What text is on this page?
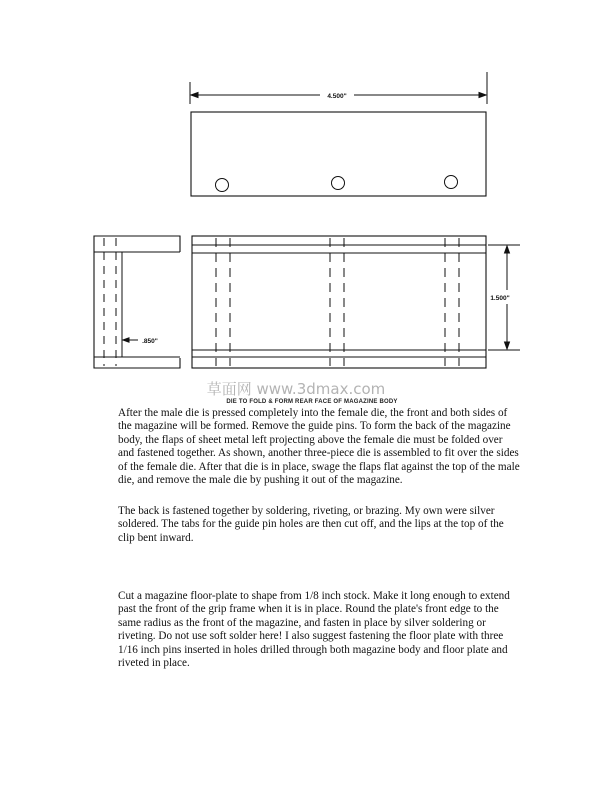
4.500"
1.500"
.850"
草面网 www.3dmax.com
DIE TO FOLD & FORM REAR FACE OF MAGAZINE BODY

After the male die is pressed completely into the female die, the front and both sides of
the magazine will be formed. Remove the guide pins. To form the back of the magazine
body, the flaps of sheet metal left projecting above the female die must be folded over
and fastened together. As shown, another three-piece die is assembled to fit over the sides
of the female die. After that die is in place, swage the flaps flat against the top of the male
die, and remove the male die by pushing it out of the magazine.

The back is fastened together by soldering, riveting, or brazing. My own were silver
soldered. The tabs for the guide pin holes are then cut off, and the lips at the top of the
clip bent inward.

Cut a magazine floor-plate to shape from 1/8 inch stock. Make it long enough to extend
past the front of the grip frame when it is in place. Round the plate's front edge to the
same radius as the front of the magazine, and fasten in place by silver soldering or
riveting. Do not use soft solder here! I also suggest fastening the floor plate with three
1/16 inch pins inserted in holes drilled through both magazine body and floor plate and
riveted in place.
